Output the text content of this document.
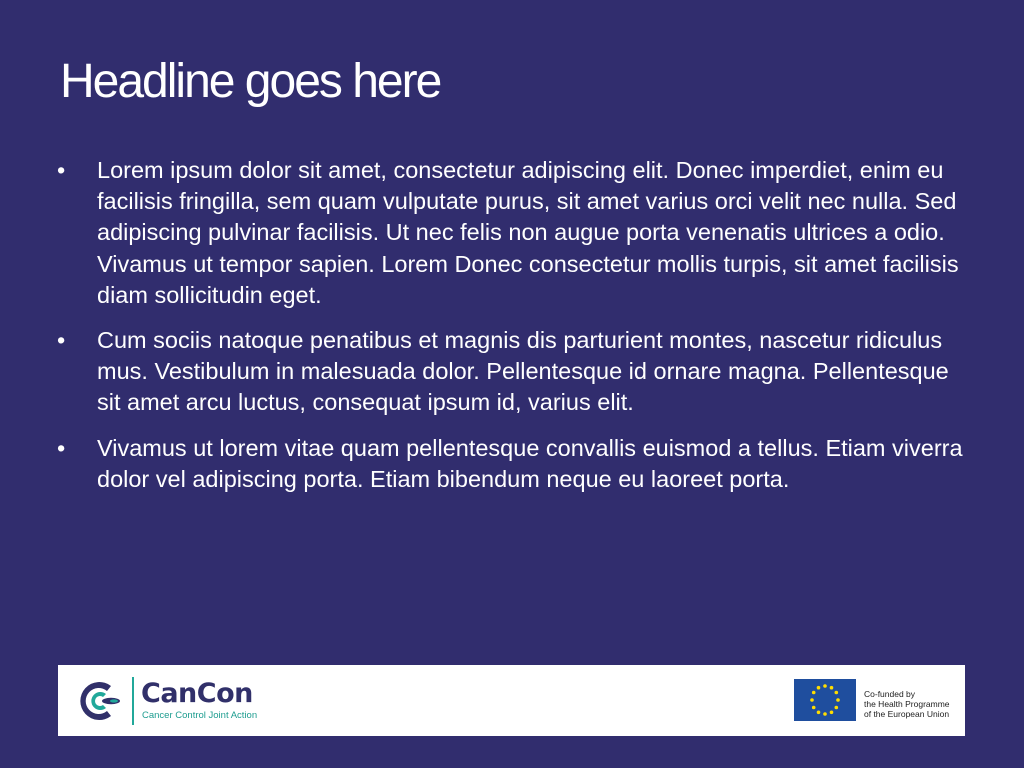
Headline goes here
• Lorem ipsum dolor sit amet, consectetur adipiscing elit. Donec imperdiet, enim eu facilisis fringilla, sem quam vulputate purus, sit amet varius orci velit nec nulla. Sed adipiscing pulvinar facilisis. Ut nec felis non augue porta venenatis ultrices a odio. Vivamus ut tempor sapien. Lorem Donec consectetur mollis turpis, sit amet facilisis diam sollicitudin eget.
• Cum sociis natoque penatibus et magnis dis parturient montes, nascetur ridiculus mus. Vestibulum in malesuada dolor. Pellentesque id ornare magna. Pellentesque sit amet arcu luctus, consequat ipsum id, varius elit.
• Vivamus ut lorem vitae quam pellentesque convallis euismod a tellus. Etiam viverra dolor vel adipiscing porta. Etiam bibendum neque eu laoreet porta.
CanCon
Cancer Control Joint Action
Co-funded by
the Health Programme
of the European Union
